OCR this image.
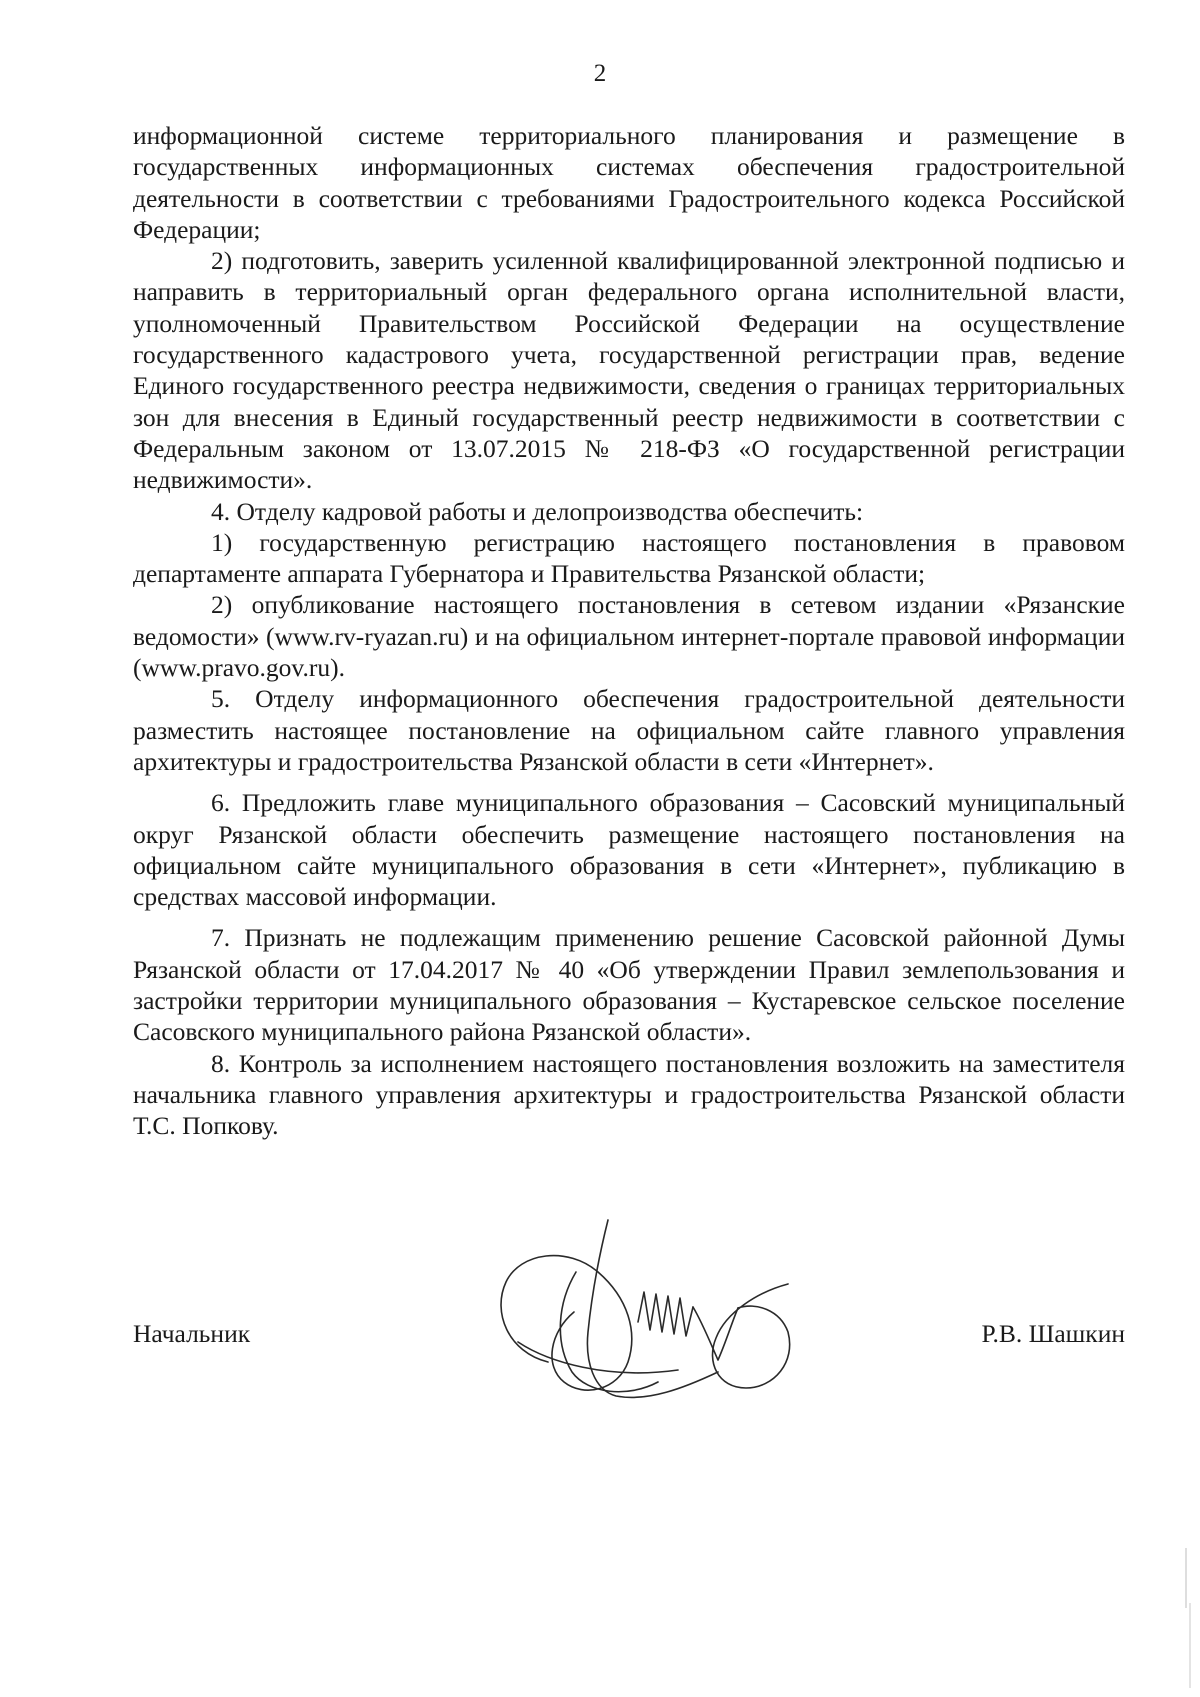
2

информационной системе территориального планирования и размещение в государственных информационных системах обеспечения градостроительной деятельности в соответствии с требованиями Градостроительного кодекса Российской Федерации;

2) подготовить, заверить усиленной квалифицированной электронной подписью и направить в территориальный орган федерального органа исполнительной власти, уполномоченный Правительством Российской Федерации на осуществление государственного кадастрового учета, государственной регистрации прав, ведение Единого государственного реестра недвижимости, сведения о границах территориальных зон для внесения в Единый государственный реестр недвижимости в соответствии с Федеральным законом от 13.07.2015 № 218-ФЗ «О государственной регистрации недвижимости».

4. Отделу кадровой работы и делопроизводства обеспечить:

1) государственную регистрацию настоящего постановления в правовом департаменте аппарата Губернатора и Правительства Рязанской области;

2) опубликование настоящего постановления в сетевом издании «Рязанские ведомости» (www.rv-ryazan.ru) и на официальном интернет-портале правовой информации (www.pravo.gov.ru).

5. Отделу информационного обеспечения градостроительной деятельности разместить настоящее постановление на официальном сайте главного управления архитектуры и градостроительства Рязанской области в сети «Интернет».

6. Предложить главе муниципального образования – Сасовский муниципальный округ Рязанской области обеспечить размещение настоящего постановления на официальном сайте муниципального образования в сети «Интернет», публикацию в средствах массовой информации.

7. Признать не подлежащим применению решение Сасовской районной Думы Рязанской области от 17.04.2017 № 40 «Об утверждении Правил землепользования и застройки территории муниципального образования – Кустаревское сельское поселение Сасовского муниципального района Рязанской области».

8. Контроль за исполнением настоящего постановления возложить на заместителя начальника главного управления архитектуры и градостроительства Рязанской области Т.С. Попкову.

Начальник	Р.В. Шашкин
